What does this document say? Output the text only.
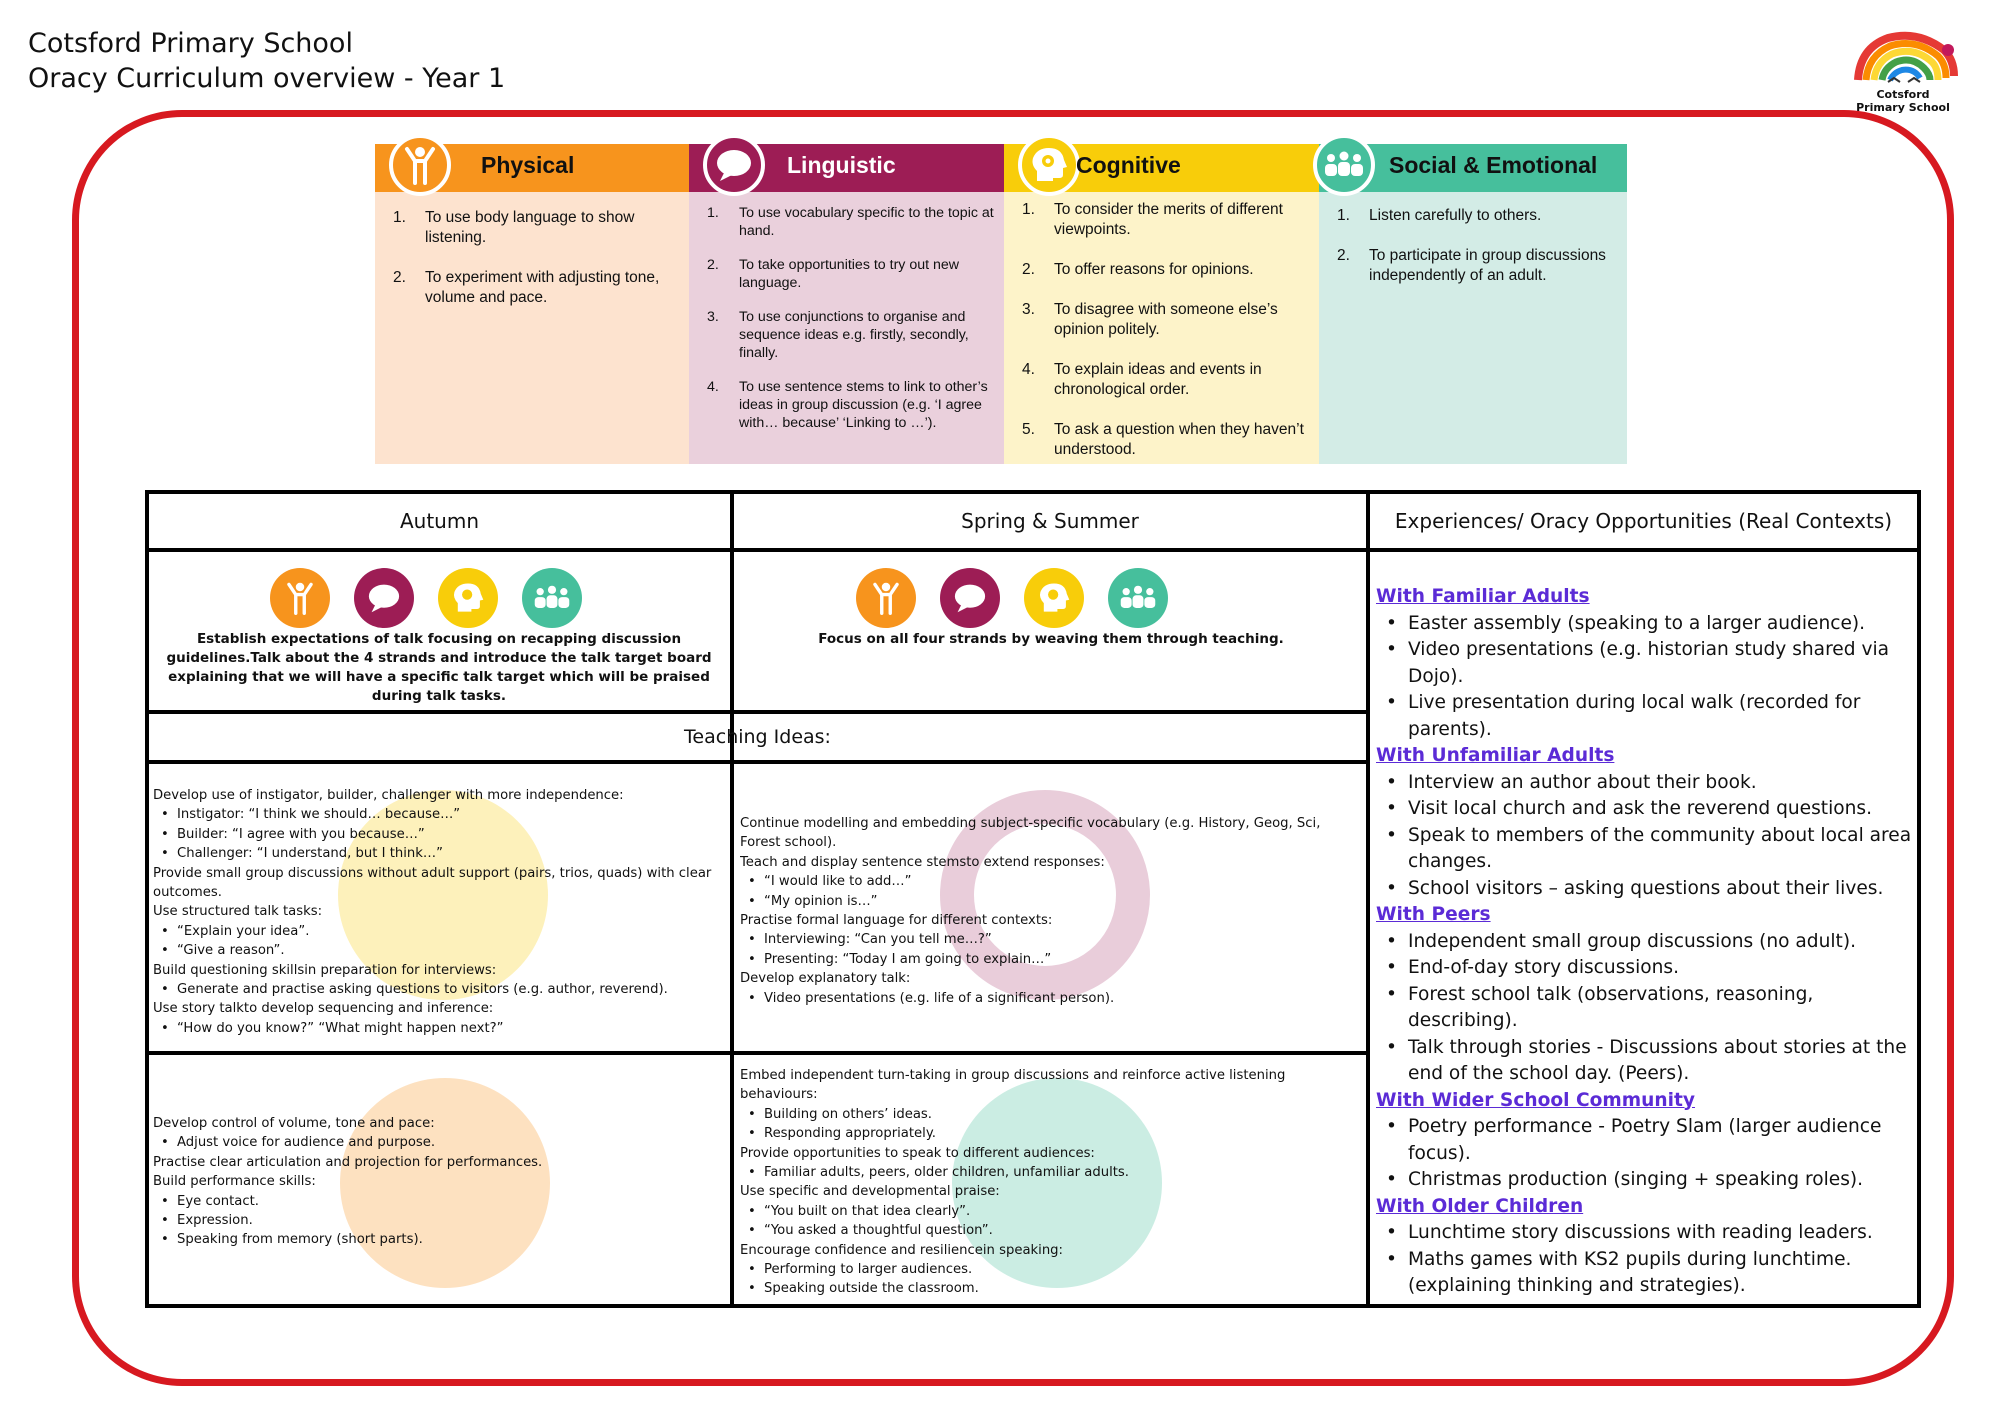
Cotsford Primary School
Oracy Curriculum overview - Year 1
Cotsford
Primary School
Physical
To use body language to show listening.
To experiment with adjusting tone, volume and pace.
Linguistic
To use vocabulary specific to the topic at hand.
To take opportunities to try out new language.
To use conjunctions to organise and sequence ideas e.g. firstly, secondly, finally.
To use sentence stems to link to other’s ideas in group discussion (e.g. ‘I agree with… because’ ‘Linking to …’).
Cognitive
To consider the merits of different viewpoints.
To offer reasons for opinions.
To disagree with someone else’s opinion politely.
To explain ideas and events in chronological order.
To ask a question when they haven’t understood.
Social & Emotional
Listen carefully to others.
To participate in group discussions independently of an adult.
Autumn	Spring & Summer	Experiences/ Oracy Opportunities (Real Contexts)
Establish expectations of talk focusing on recapping discussion guidelines.Talk about the 4 strands and introduce the talk target board explaining that we will have a specific talk target which will be praised during talk tasks.
Focus on all four strands by weaving them through teaching.
Teaching Ideas:
Develop use of instigator, builder, challenger with more independence:
• Instigator: “I think we should… because…”
• Builder: “I agree with you because…”
• Challenger: “I understand, but I think…”
Provide small group discussions without adult support (pairs, trios, quads) with clear outcomes.
Use structured talk tasks:
• “Explain your idea”.
• “Give a reason”.
Build questioning skillsin preparation for interviews:
• Generate and practise asking questions to visitors (e.g. author, reverend).
Use story talkto develop sequencing and inference:
• “How do you know?” “What might happen next?”
Continue modelling and embedding subject-specific vocabulary (e.g. History, Geog, Sci, Forest school).
Teach and display sentence stemsto extend responses:
• “I would like to add…”
• “My opinion is…”
Practise formal language for different contexts:
• Interviewing: “Can you tell me…?”
• Presenting: “Today I am going to explain…”
Develop explanatory talk:
• Video presentations (e.g. life of a significant person).
Develop control of volume, tone and pace:
• Adjust voice for audience and purpose.
Practise clear articulation and projection for performances.
Build performance skills:
• Eye contact.
• Expression.
• Speaking from memory (short parts).
Embed independent turn-taking in group discussions and reinforce active listening behaviours:
• Building on others’ ideas.
• Responding appropriately.
Provide opportunities to speak to different audiences:
• Familiar adults, peers, older children, unfamiliar adults.
Use specific and developmental praise:
• “You built on that idea clearly”.
• “You asked a thoughtful question”.
Encourage confidence and resiliencein speaking:
• Performing to larger audiences.
• Speaking outside the classroom.
With Familiar Adults
• Easter assembly (speaking to a larger audience).
• Video presentations (e.g. historian study shared via Dojo).
• Live presentation during local walk (recorded for parents).
With Unfamiliar Adults
• Interview an author about their book.
• Visit local church and ask the reverend questions.
• Speak to members of the community about local area changes.
• School visitors – asking questions about their lives.
With Peers
• Independent small group discussions (no adult).
• End-of-day story discussions.
• Forest school talk (observations, reasoning, describing).
• Talk through stories - Discussions about stories at the end of the school day. (Peers).
With Wider School Community
• Poetry performance - Poetry Slam (larger audience focus).
• Christmas production (singing + speaking roles).
With Older Children
• Lunchtime story discussions with reading leaders.
• Maths games with KS2 pupils during lunchtime. (explaining thinking and strategies).
